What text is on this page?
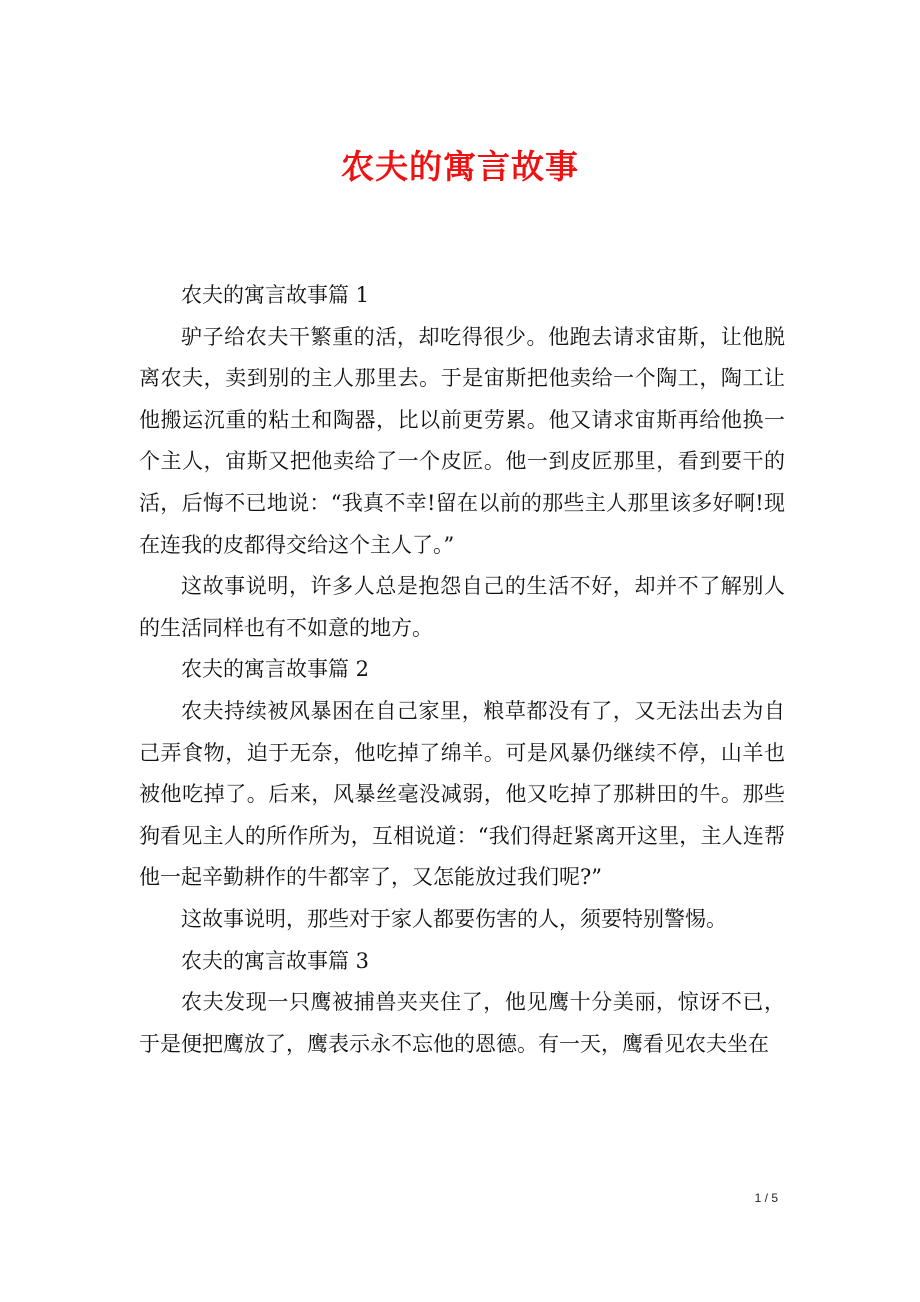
农夫的寓言故事

农夫的寓言故事篇 1

驴子给农夫干繁重的活，却吃得很少。他跑去请求宙斯，让他脱离农夫，卖到别的主人那里去。于是宙斯把他卖给一个陶工，陶工让他搬运沉重的粘土和陶器，比以前更劳累。他又请求宙斯再给他换一个主人，宙斯又把他卖给了一个皮匠。他一到皮匠那里，看到要干的活，后悔不已地说：“我真不幸!留在以前的那些主人那里该多好啊!现在连我的皮都得交给这个主人了。”

这故事说明，许多人总是抱怨自己的生活不好，却并不了解别人的生活同样也有不如意的地方。

农夫的寓言故事篇 2

农夫持续被风暴困在自己家里，粮草都没有了，又无法出去为自己弄食物，迫于无奈，他吃掉了绵羊。可是风暴仍继续不停，山羊也被他吃掉了。后来，风暴丝毫没减弱，他又吃掉了那耕田的牛。那些狗看见主人的所作所为，互相说道：“我们得赶紧离开这里，主人连帮他一起辛勤耕作的牛都宰了，又怎能放过我们呢?”

这故事说明，那些对于家人都要伤害的人，须要特别警惕。

农夫的寓言故事篇 3

农夫发现一只鹰被捕兽夹夹住了，他见鹰十分美丽，惊讶不已，于是便把鹰放了，鹰表示永不忘他的恩德。有一天，鹰看见农夫坐在

1 / 5
